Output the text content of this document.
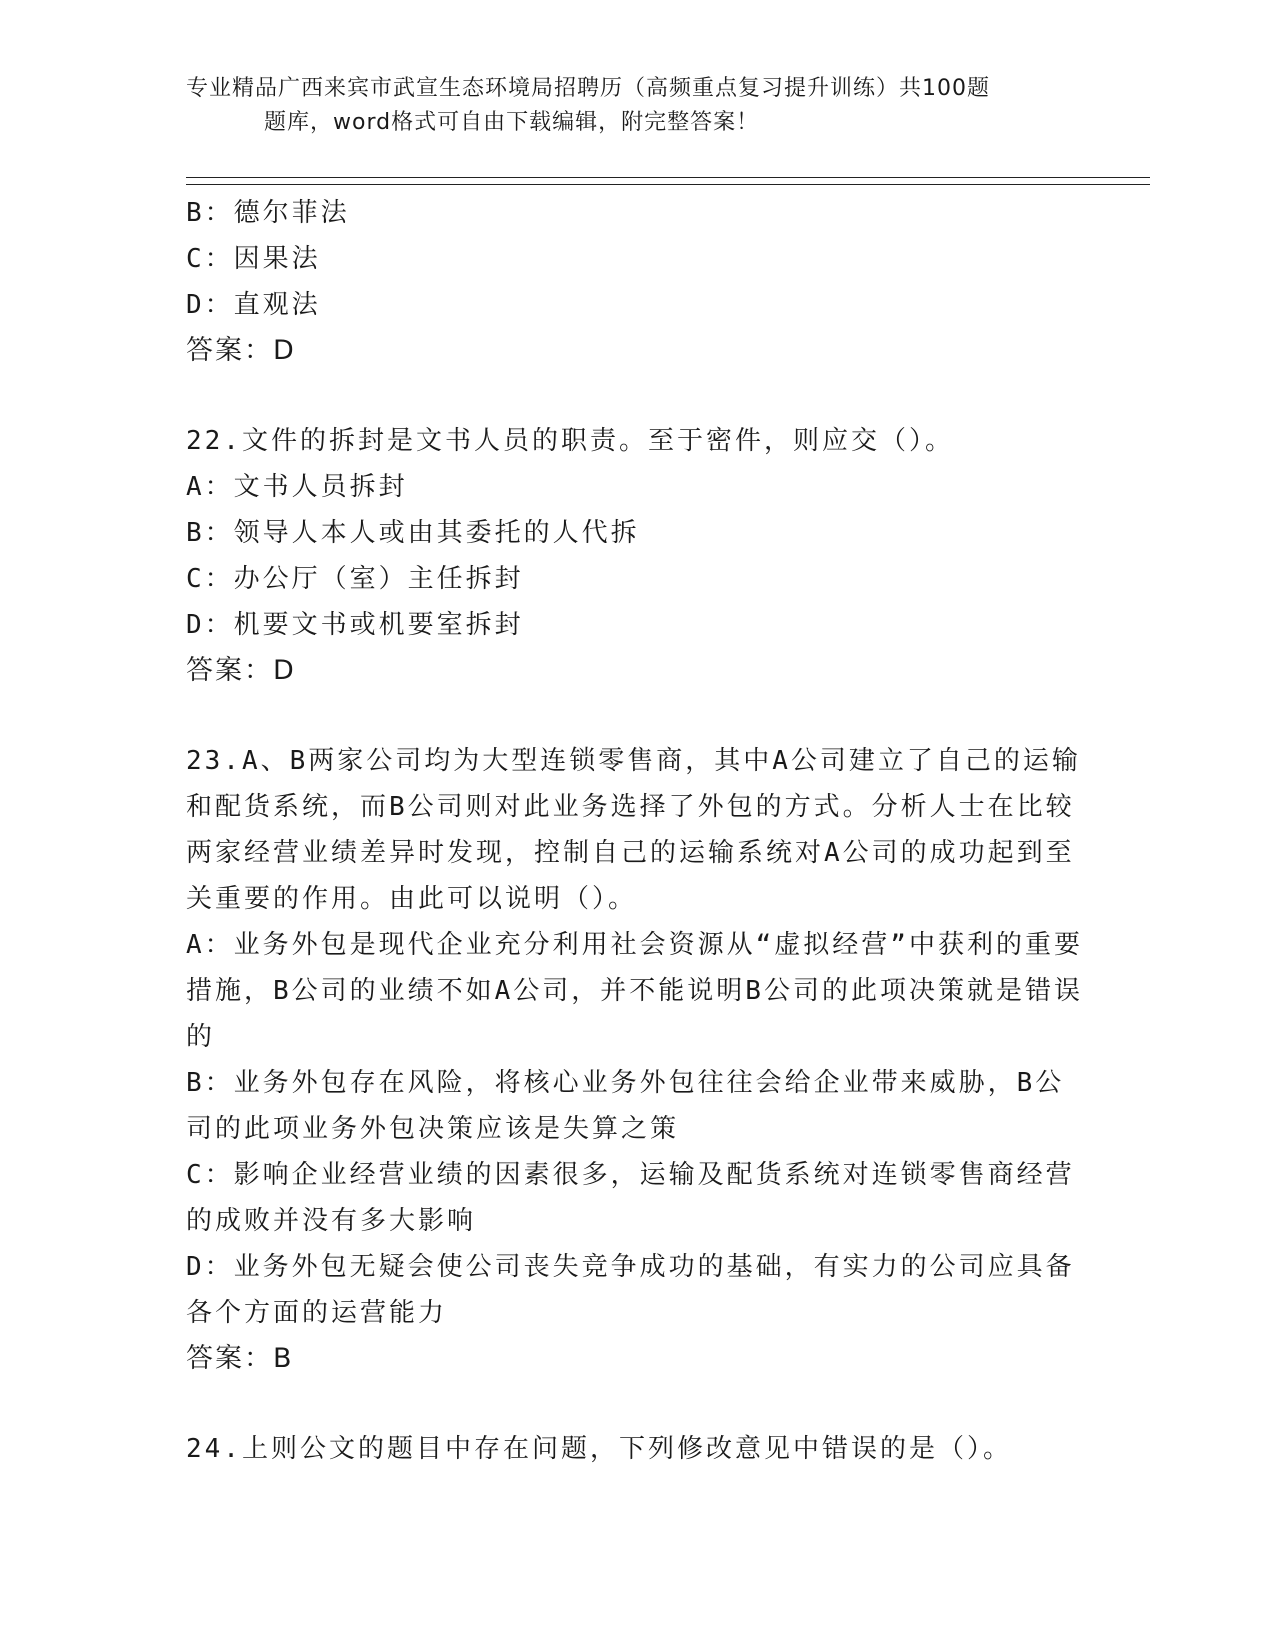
专业精品广西来宾市武宣生态环境局招聘历（高频重点复习提升训练）共100题
题库，word格式可自由下载编辑，附完整答案！
B：德尔菲法
C：因果法
D：直观法
答案：D
22.文件的拆封是文书人员的职责。至于密件，则应交（）。
A：文书人员拆封
B：领导人本人或由其委托的人代拆
C：办公厅（室）主任拆封
D：机要文书或机要室拆封
答案：D
23.A、B两家公司均为大型连锁零售商，其中A公司建立了自己的运输和配货系统，而B公司则对此业务选择了外包的方式。分析人士在比较两家经营业绩差异时发现，控制自己的运输系统对A公司的成功起到至关重要的作用。由此可以说明（）。
A：业务外包是现代企业充分利用社会资源从“虚拟经营”中获利的重要措施，B公司的业绩不如A公司，并不能说明B公司的此项决策就是错误的
B：业务外包存在风险，将核心业务外包往往会给企业带来威胁，B公司的此项业务外包决策应该是失算之策
C：影响企业经营业绩的因素很多，运输及配货系统对连锁零售商经营的成败并没有多大影响
D：业务外包无疑会使公司丧失竞争成功的基础，有实力的公司应具备各个方面的运营能力
答案：B
24.上则公文的题目中存在问题，下列修改意见中错误的是（）。
